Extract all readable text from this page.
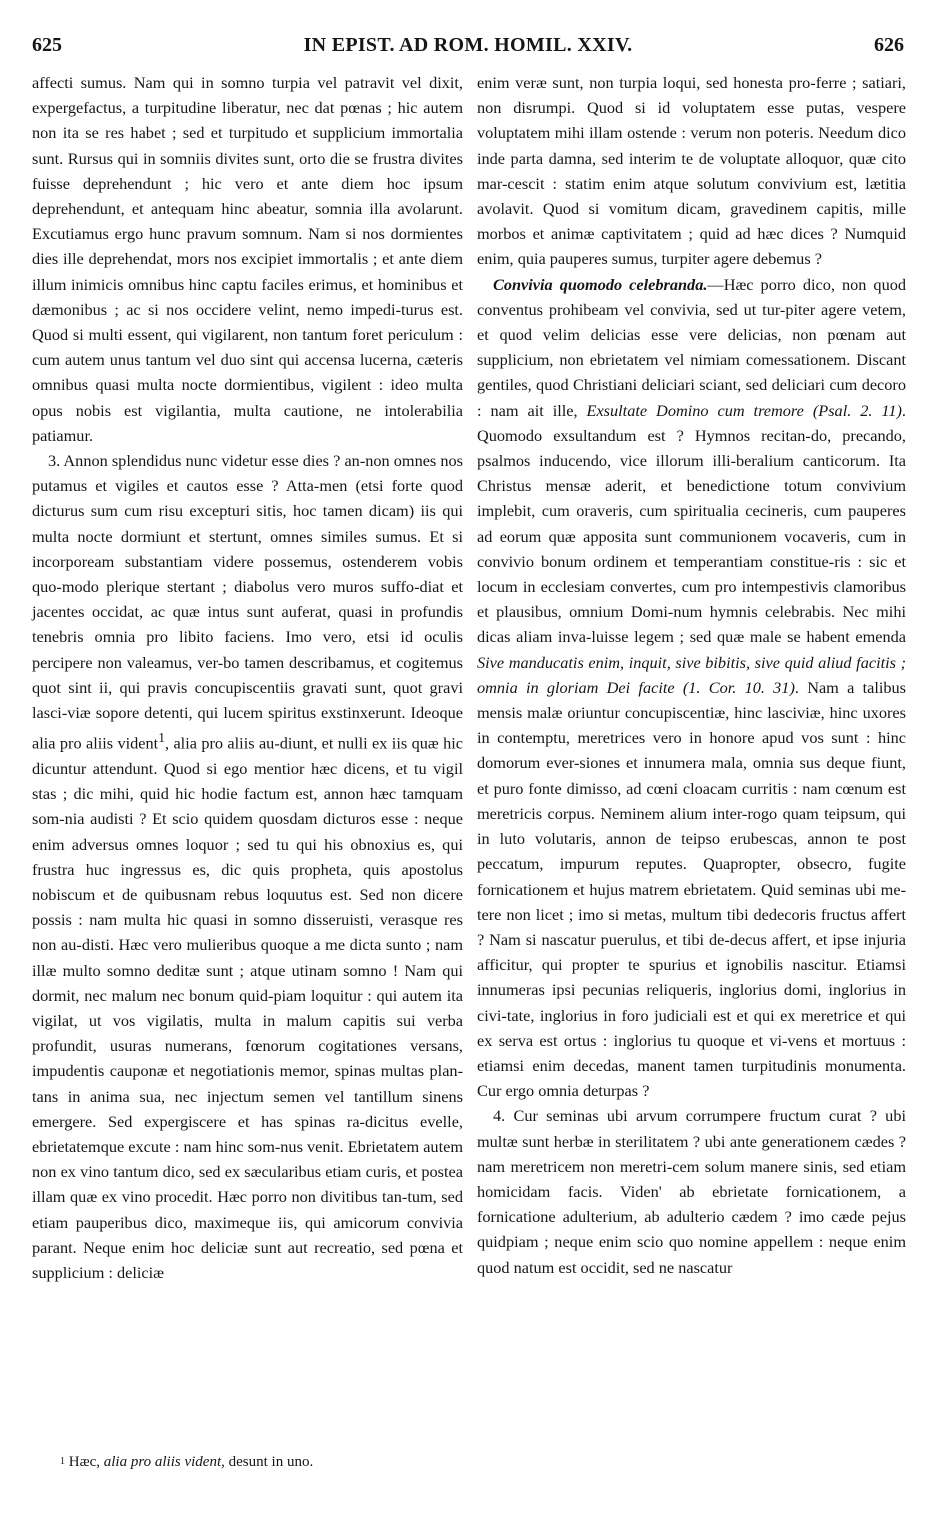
625	IN EPIST. AD ROM. HOMIL. XXIV.	626

affecti sumus. Nam qui in somno turpia vel patravit vel dixit, expergefactus, a turpitudine liberatur, nec dat pœnas ; hic autem non ita se res habet ; sed et turpitudo et supplicium immortalia sunt. Rursus qui in somniis divites sunt, orto die se frustra divites fuisse deprehendunt ; hic vero et ante diem hoc ipsum deprehendunt, et antequam hinc abeatur, somnia illa avolarunt. Excutiamus ergo hunc pravum somnum. Nam si nos dormientes dies ille deprehendat, mors nos excipiet immortalis ; et ante diem illum inimicis omnibus hinc captu faciles erimus, et hominibus et dæmonibus ; ac si nos occidere velint, nemo impedi-turus est. Quod si multi essent, qui vigilarent, non tantum foret periculum : cum autem unus tantum vel duo sint qui accensa lucerna, cæteris omnibus quasi multa nocte dormientibus, vigilent : ideo multa opus nobis est vigilantia, multa cautione, ne intolerabilia patiamur.

3. Annon splendidus nunc videtur esse dies ? an-non omnes nos putamus et vigiles et cautos esse ? Atta-men (etsi forte quod dicturus sum cum risu excepturi sitis, hoc tamen dicam) iis qui multa nocte dormiunt et stertunt, omnes similes sumus. Et si incorpoream substantiam videre possemus, ostenderem vobis quo-modo plerique stertant ; diabolus vero muros suffo-diat et jacentes occidat, ac quæ intus sunt auferat, quasi in profundis tenebris omnia pro libito faciens. Imo vero, etsi id oculis percipere non valeamus, ver-bo tamen describamus, et cogitemus quot sint ii, qui pravis concupiscentiis gravati sunt, quot gravi lasci-viæ sopore detenti, qui lucem spiritus exstinxerunt. Ideoque alia pro aliis vident$^1$, alia pro aliis au-diunt, et nulli ex iis quæ hic dicuntur attendunt. Quod si ego mentior hæc dicens, et tu vigil stas ; dic mihi, quid hic hodie factum est, annon hæc tamquam som-nia audisti ? Et scio quidem quosdam dicturos esse : neque enim adversus omnes loquor ; sed tu qui his obnoxius es, qui frustra huc ingressus es, dic quis propheta, quis apostolus nobiscum et de quibusnam rebus loquutus est. Sed non dicere possis : nam multa hic quasi in somno disseruisti, verasque res non au-disti. Hæc vero mulieribus quoque a me dicta sunto ; nam illæ multo somno deditæ sunt ; atque utinam somno ! Nam qui dormit, nec malum nec bonum quid-piam loquitur : qui autem ita vigilat, ut vos vigilatis, multa in malum capitis sui verba profundit, usuras numerans, fœnorum cogitationes versans, impudentis cauponæ et negotiationis memor, spinas multas plan-tans in anima sua, nec injectum semen vel tantillum sinens emergere. Sed expergiscere et has spinas ra-dicitus evelle, ebrietatemque excute : nam hinc som-nus venit. Ebrietatem autem non ex vino tantum dico, sed ex sæcularibus etiam curis, et postea illam quæ ex vino procedit. Hæc porro non divitibus tan-tum, sed etiam pauperibus dico, maximeque iis, qui amicorum convivia parant. Neque enim hoc deliciæ sunt aut recreatio, sed pœna et supplicium : deliciæ

enim veræ sunt, non turpia loqui, sed honesta pro-ferre ; satiari, non disrumpi. Quod si id voluptatem esse putas, vespere voluptatem mihi illam ostende : verum non poteris. Needum dico inde parta damna, sed interim te de voluptate alloquor, quæ cito mar-cescit : statim enim atque solutum convivium est, lætitia avolavit. Quod si vomitum dicam, gravedinem capitis, mille morbos et animæ captivitatem ; quid ad hæc dices ? Numquid enim, quia pauperes sumus, turpiter agere debemus ?

Convivia quomodo celebranda.—Hæc porro dico, non quod conventus prohibeam vel convivia, sed ut tur-piter agere vetem, et quod velim delicias esse vere delicias, non pœnam aut supplicium, non ebrietatem vel nimiam comessationem. Discant gentiles, quod Christiani deliciari sciant, sed deliciari cum decoro : nam ait ille, Exsultate Domino cum tremore (Psal. 2. 11). Quomodo exsultandum est ? Hymnos recitan-do, precando, psalmos inducendo, vice illorum illi-beralium canticorum. Ita Christus mensæ aderit, et benedictione totum convivium implebit, cum oraveris, cum spiritualia cecineris, cum pauperes ad eorum quæ apposita sunt communionem vocaveris, cum in convivio bonum ordinem et temperantiam constitue-ris : sic et locum in ecclesiam convertes, cum pro intempestivis clamoribus et plausibus, omnium Domi-num hymnis celebrabis. Nec mihi dicas aliam inva-luisse legem ; sed quæ male se habent emenda Sive manducatis enim, inquit, sive bibitis, sive quid aliud facitis ; omnia in gloriam Dei facite (1. Cor. 10. 31). Nam a talibus mensis malæ oriuntur concupiscentiæ, hinc lasciviæ, hinc uxores in contemptu, meretrices vero in honore apud vos sunt : hinc domorum ever-siones et innumera mala, omnia sus deque fiunt, et puro fonte dimisso, ad cœni cloacam curritis : nam cœnum est meretricis corpus. Neminem alium inter-rogo quam teipsum, qui in luto volutaris, annon de teipso erubescas, annon te post peccatum, impurum reputes. Quapropter, obsecro, fugite fornicationem et hujus matrem ebrietatem. Quid seminas ubi me-tere non licet ; imo si metas, multum tibi dedecoris fructus affert ? Nam si nascatur puerulus, et tibi de-decus affert, et ipse injuria afficitur, qui propter te spurius et ignobilis nascitur. Etiamsi innumeras ipsi pecunias reliqueris, inglorius domi, inglorius in civi-tate, inglorius in foro judiciali est et qui ex meretrice et qui ex serva est ortus : inglorius tu quoque et vi-vens et mortuus : etiamsi enim decedas, manent tamen turpitudinis monumenta. Cur ergo omnia deturpas ?

4. Cur seminas ubi arvum corrumpere fructum curat ? ubi multæ sunt herbæ in sterilitatem ? ubi ante generationem cædes ? nam meretricem non meretri-cem solum manere sinis, sed etiam homicidam facis. Viden' ab ebrietate fornicationem, a fornicatione adulterium, ab adulterio cædem ? imo cæde pejus quidpiam ; neque enim scio quo nomine appellem : neque enim quod natum est occidit, sed ne nascatur

$^1$ Hæc, alia pro aliis vident, desunt in uno.
